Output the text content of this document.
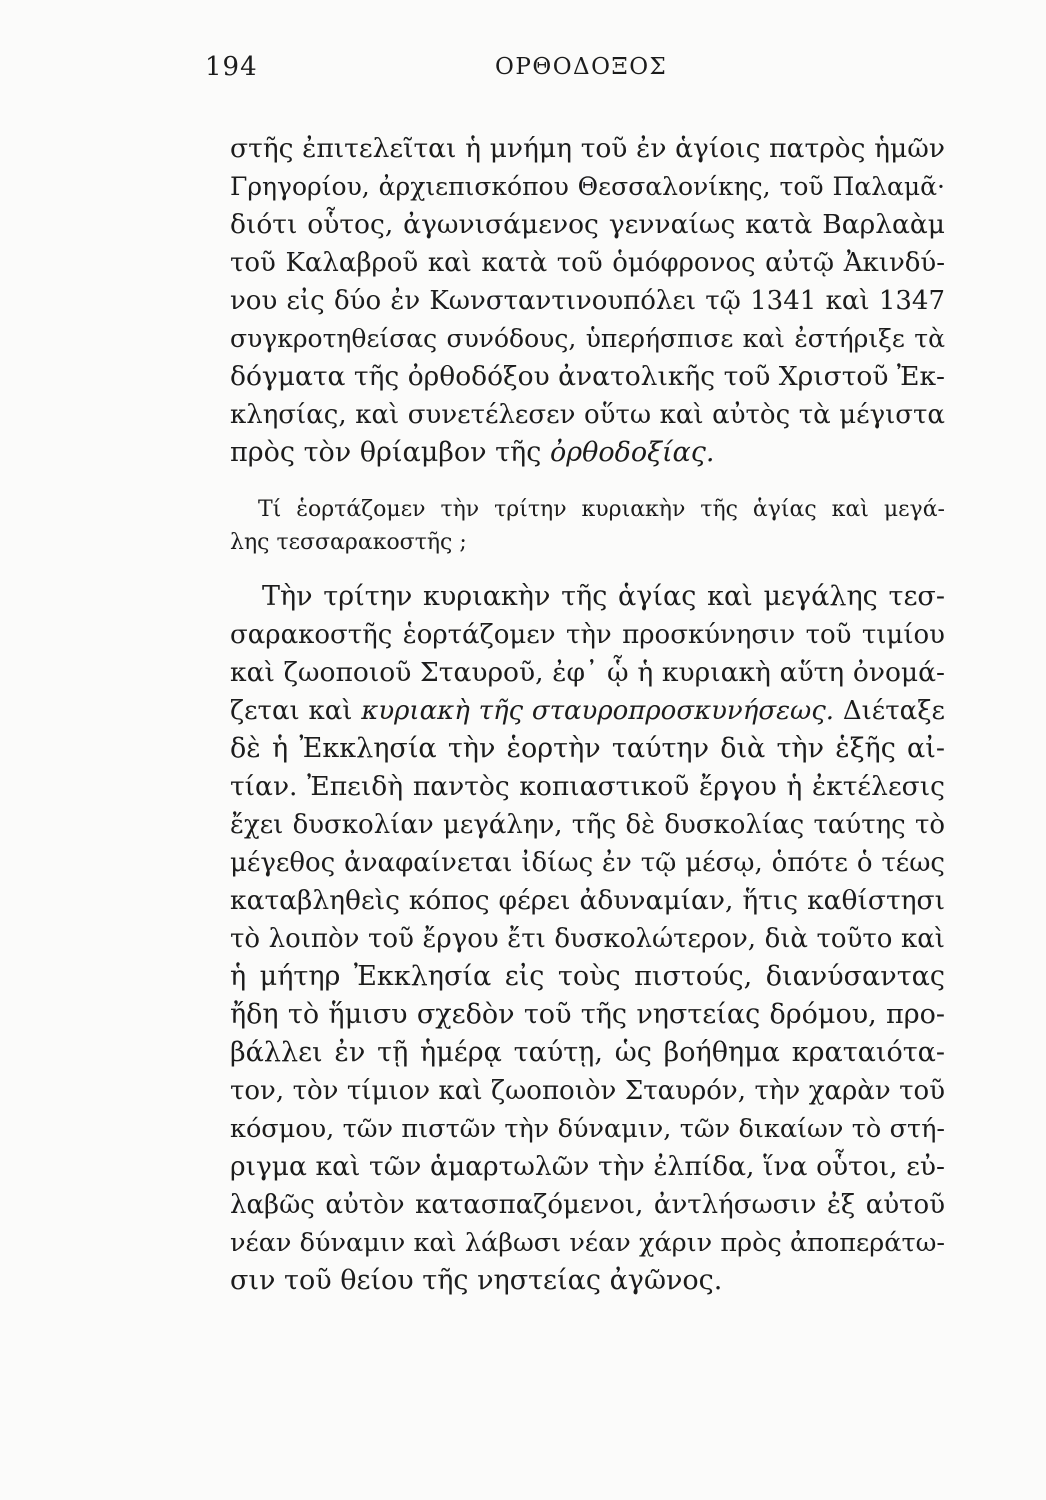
194	ΟΡΘΟΔΟΞΟΣ
στῆς ἐπιτελεῖται ἡ μνήμη τοῦ ἐν ἁγίοις πατρὸς ἡμῶν
Γρηγορίου, ἀρχιεπισκόπου Θεσσαλονίκης, τοῦ Παλαμᾶ·
διότι οὗτος, ἀγωνισάμενος γενναίως κατὰ Βαρλαὰμ
τοῦ Καλαβροῦ καὶ κατὰ τοῦ ὁμόφρονος αὐτῷ Ἀκινδύ-
νου εἰς δύο ἐν Κωνσταντινουπόλει τῷ 1341 καὶ 1347
συγκροτηθείσας συνόδους, ὑπερήσπισε καὶ ἐστήριξε τὰ
δόγματα τῆς ὀρθοδόξου ἀνατολικῆς τοῦ Χριστοῦ Ἐκ-
κλησίας, καὶ συνετέλεσεν οὕτω καὶ αὐτὸς τὰ μέγιστα
πρὸς τὸν θρίαμβον τῆς ὀρθοδοξίας.
Τί ἑορτάζομεν τὴν τρίτην κυριακὴν τῆς ἁγίας καὶ μεγά-
λης τεσσαρακοστῆς ;
Τὴν τρίτην κυριακὴν τῆς ἁγίας καὶ μεγάλης τεσ-
σαρακοστῆς ἑορτάζομεν τὴν προσκύνησιν τοῦ τιμίου
καὶ ζωοποιοῦ Σταυροῦ, ἐφ᾽ ᾧ ἡ κυριακὴ αὕτη ὀνομά-
ζεται καὶ κυριακὴ τῆς σταυροπροσκυνήσεως. Διέταξε
δὲ ἡ Ἐκκλησία τὴν ἑορτὴν ταύτην διὰ τὴν ἑξῆς αἰ-
τίαν. Ἐπειδὴ παντὸς κοπιαστικοῦ ἔργου ἡ ἐκτέλεσις
ἔχει δυσκολίαν μεγάλην, τῆς δὲ δυσκολίας ταύτης τὸ
μέγεθος ἀναφαίνεται ἰδίως ἐν τῷ μέσῳ, ὁπότε ὁ τέως
καταβληθεὶς κόπος φέρει ἀδυναμίαν, ἥτις καθίστησι
τὸ λοιπὸν τοῦ ἔργου ἔτι δυσκολώτερον, διὰ τοῦτο καὶ
ἡ μήτηρ Ἐκκλησία εἰς τοὺς πιστούς, διανύσαντας
ἤδη τὸ ἥμισυ σχεδὸν τοῦ τῆς νηστείας δρόμου, προ-
βάλλει ἐν τῇ ἡμέρᾳ ταύτῃ, ὡς βοήθημα κραταιότα-
τον, τὸν τίμιον καὶ ζωοποιὸν Σταυρόν, τὴν χαρὰν τοῦ
κόσμου, τῶν πιστῶν τὴν δύναμιν, τῶν δικαίων τὸ στή-
ριγμα καὶ τῶν ἁμαρτωλῶν τὴν ἐλπίδα, ἵνα οὗτοι, εὐ-
λαβῶς αὐτὸν κατασπαζόμενοι, ἀντλήσωσιν ἐξ αὐτοῦ
νέαν δύναμιν καὶ λάβωσι νέαν χάριν πρὸς ἀποπεράτω-
σιν τοῦ θείου τῆς νηστείας ἀγῶνος.
